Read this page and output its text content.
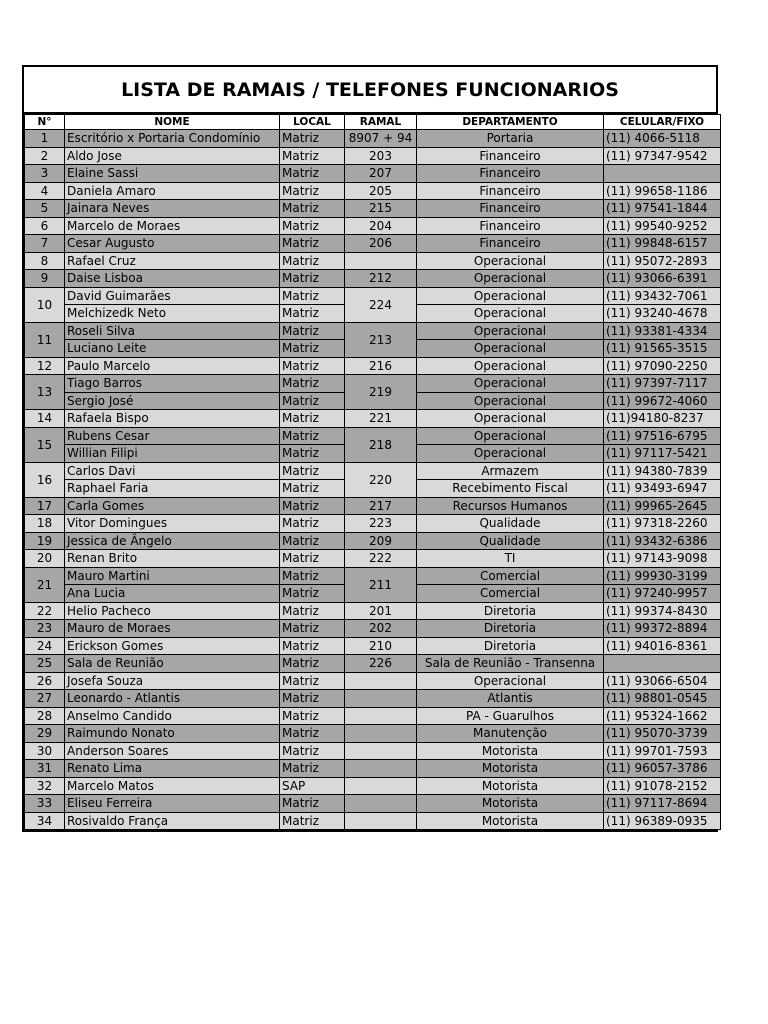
LISTA DE RAMAIS / TELEFONES FUNCIONARIOS
N°	NOME	LOCAL	RAMAL	DEPARTAMENTO	CELULAR/FIXO
1	Escritório x Portaria Condomínio	Matriz	8907 + 94	Portaria	(11) 4066-5118
2	Aldo Jose	Matriz	203	Financeiro	(11) 97347-9542
3	Elaine Sassi	Matriz	207	Financeiro	
4	Daniela Amaro	Matriz	205	Financeiro	(11) 99658-1186
5	Jainara Neves	Matriz	215	Financeiro	(11) 97541-1844
6	Marcelo de Moraes	Matriz	204	Financeiro	(11) 99540-9252
7	Cesar Augusto	Matriz	206	Financeiro	(11) 99848-6157
8	Rafael Cruz	Matriz		Operacional	(11) 95072-2893
9	Daise Lisboa	Matriz	212	Operacional	(11) 93066-6391
10	David Guimarães	Matriz	224	Operacional	(11) 93432-7061
	Melchizedk Neto	Matriz		Operacional	(11) 93240-4678
11	Roseli Silva	Matriz	213	Operacional	(11) 93381-4334
	Luciano Leite	Matriz		Operacional	(11) 91565-3515
12	Paulo Marcelo	Matriz	216	Operacional	(11) 97090-2250
13	Tiago Barros	Matriz	219	Operacional	(11) 97397-7117
	Sergio José	Matriz		Operacional	(11) 99672-4060
14	Rafaela Bispo	Matriz	221	Operacional	(11)94180-8237
15	Rubens Cesar	Matriz	218	Operacional	(11) 97516-6795
	Willian Filipi	Matriz		Operacional	(11) 97117-5421
16	Carlos Davi	Matriz	220	Armazem	(11) 94380-7839
	Raphael Faria	Matriz		Recebimento Fiscal	(11) 93493-6947
17	Carla Gomes	Matriz	217	Recursos Humanos	(11) 99965-2645
18	Vitor Domingues	Matriz	223	Qualidade	(11) 97318-2260
19	Jessica de Ângelo	Matriz	209	Qualidade	(11) 93432-6386
20	Renan Brito	Matriz	222	TI	(11) 97143-9098
21	Mauro Martini	Matriz	211	Comercial	(11) 99930-3199
	Ana Lucia	Matriz		Comercial	(11) 97240-9957
22	Helio Pacheco	Matriz	201	Diretoria	(11) 99374-8430
23	Mauro de Moraes	Matriz	202	Diretoria	(11) 99372-8894
24	Erickson Gomes	Matriz	210	Diretoria	(11) 94016-8361
25	Sala de Reunião	Matriz	226	Sala de Reunião - Transenna	
26	Josefa Souza	Matriz		Operacional	(11) 93066-6504
27	Leonardo - Atlantis	Matriz		Atlantis	(11) 98801-0545
28	Anselmo Candido	Matriz		PA - Guarulhos	(11) 95324-1662
29	Raimundo Nonato	Matriz		Manutenção	(11) 95070-3739
30	Anderson Soares	Matriz		Motorista	(11) 99701-7593
31	Renato Lima	Matriz		Motorista	(11) 96057-3786
32	Marcelo Matos	SAP		Motorista	(11) 91078-2152
33	Eliseu Ferreira	Matriz		Motorista	(11) 97117-8694
34	Rosivaldo França	Matriz		Motorista	(11) 96389-0935
